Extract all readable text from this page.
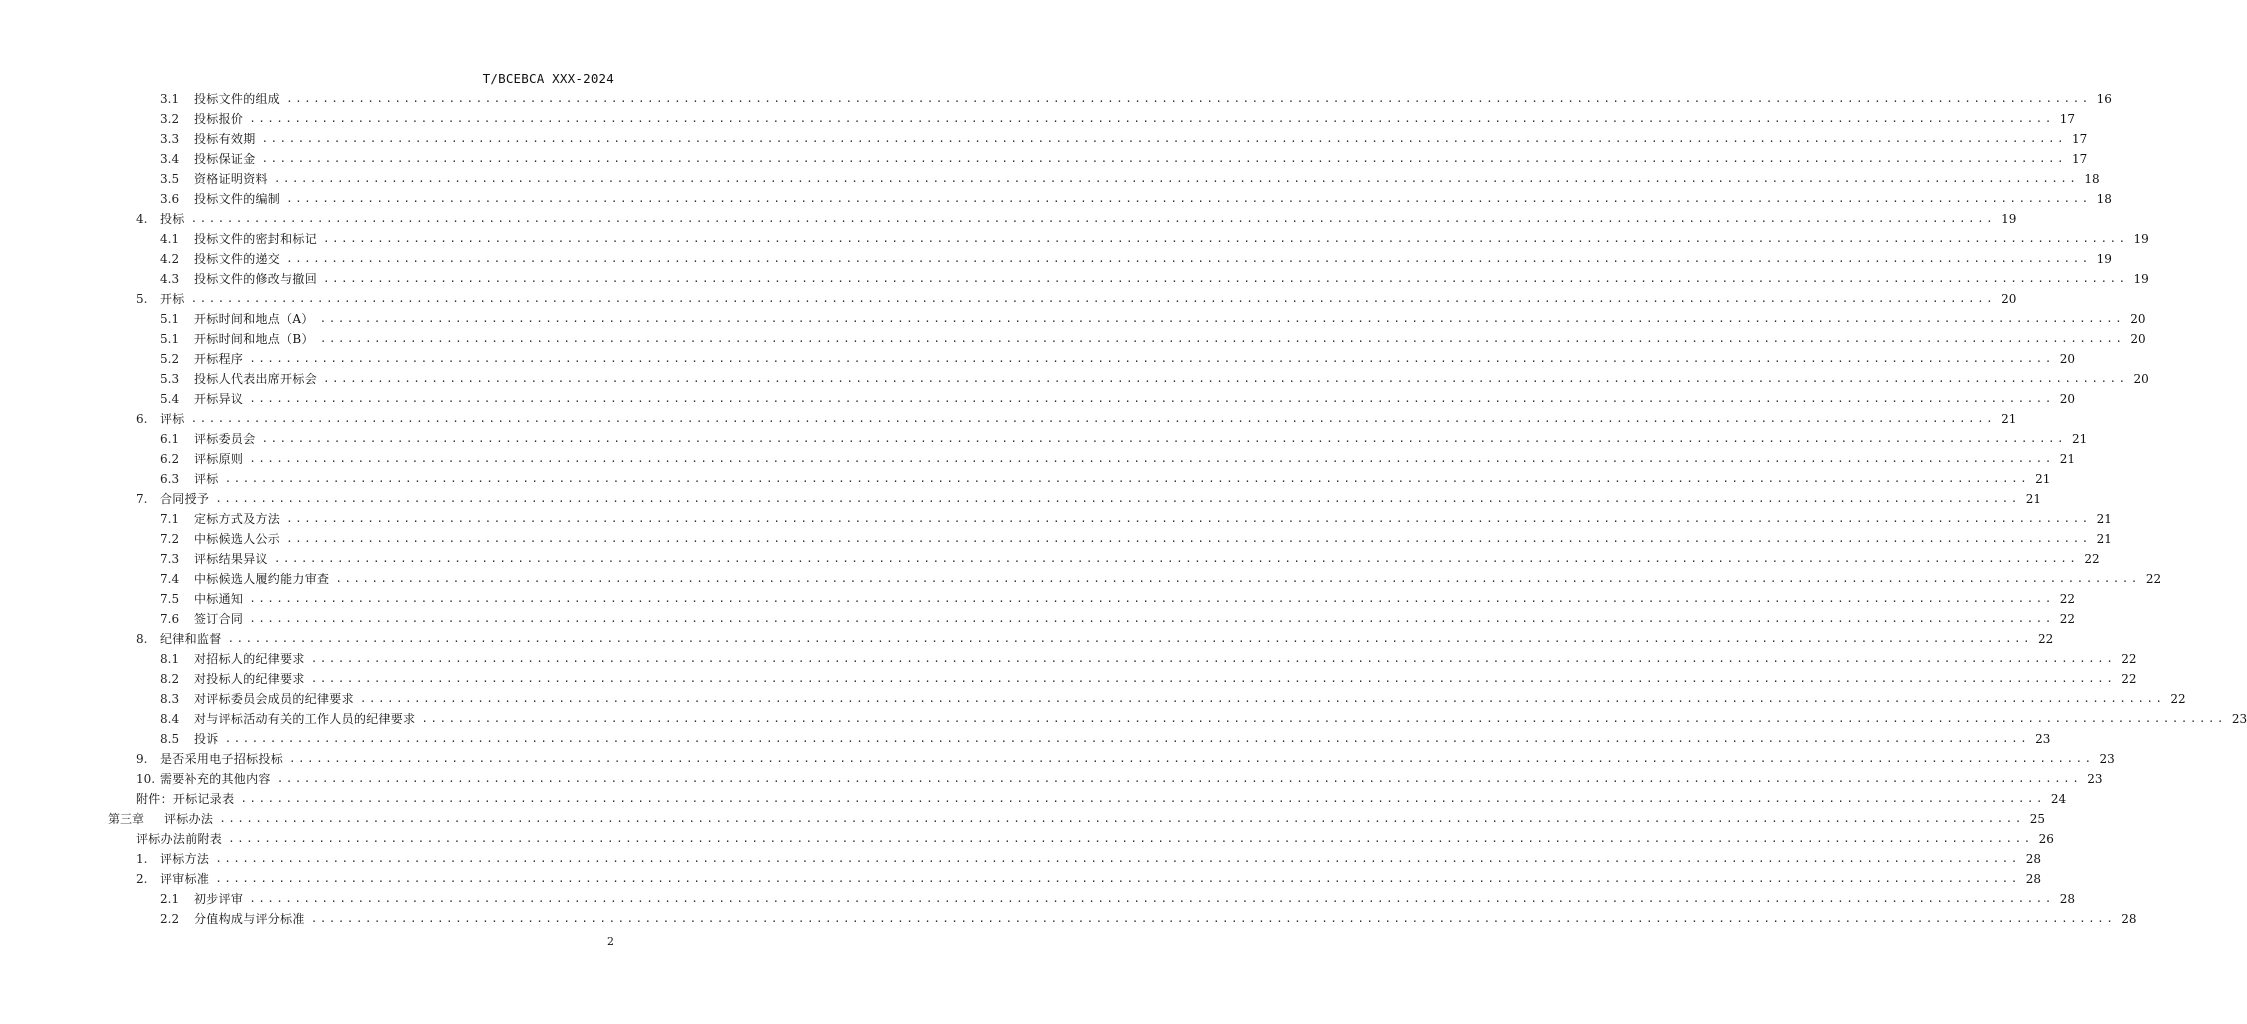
T/BCEBCA XXX-2024
3.1	投标文件的组成 ........................................................................................................................................................................................................ 16
3.2	投标报价 ........................................................................................................................................................................................................ 17
3.3	投标有效期 ........................................................................................................................................................................................................ 17
3.4	投标保证金 ........................................................................................................................................................................................................ 17
3.5	资格证明资料 ........................................................................................................................................................................................................ 18
3.6	投标文件的编制 ........................................................................................................................................................................................................ 18
4. 投标 ........................................................................................................................................................................................................ 19
4.1	投标文件的密封和标记 ........................................................................................................................................................................................................ 19
4.2	投标文件的递交 ........................................................................................................................................................................................................ 19
4.3	投标文件的修改与撤回 ........................................................................................................................................................................................................ 19
5. 开标 ........................................................................................................................................................................................................ 20
5.1	开标时间和地点（A） ........................................................................................................................................................................................................ 20
5.1	开标时间和地点（B） ........................................................................................................................................................................................................ 20
5.2	开标程序 ........................................................................................................................................................................................................ 20
5.3	投标人代表出席开标会 ........................................................................................................................................................................................................ 20
5.4	开标异议 ........................................................................................................................................................................................................ 20
6. 评标 ........................................................................................................................................................................................................ 21
6.1	评标委员会 ........................................................................................................................................................................................................ 21
6.2	评标原则 ........................................................................................................................................................................................................ 21
6.3	评标 ........................................................................................................................................................................................................ 21
7. 合同授予 ........................................................................................................................................................................................................ 21
7.1	定标方式及方法 ........................................................................................................................................................................................................ 21
7.2	中标候选人公示 ........................................................................................................................................................................................................ 21
7.3	评标结果异议 ........................................................................................................................................................................................................ 22
7.4	中标候选人履约能力审查 ........................................................................................................................................................................................................ 22
7.5	中标通知 ........................................................................................................................................................................................................ 22
7.6	签订合同 ........................................................................................................................................................................................................ 22
8. 纪律和监督 ........................................................................................................................................................................................................ 22
8.1	对招标人的纪律要求 ........................................................................................................................................................................................................ 22
8.2	对投标人的纪律要求 ........................................................................................................................................................................................................ 22
8.3	对评标委员会成员的纪律要求 ........................................................................................................................................................................................................ 22
8.4	对与评标活动有关的工作人员的纪律要求 ........................................................................................................................................................................................................ 23
8.5	投诉 ........................................................................................................................................................................................................ 23
9. 是否采用电子招标投标 ........................................................................................................................................................................................................ 23
10. 需要补充的其他内容 ........................................................................................................................................................................................................ 23
附件：开标记录表 ........................................................................................................................................................................................................ 24
第三章 评标办法 ........................................................................................................................................................................................................ 25
评标办法前附表 ........................................................................................................................................................................................................ 26
1. 评标方法 ........................................................................................................................................................................................................ 28
2. 评审标准 ........................................................................................................................................................................................................ 28
2.1	初步评审 ........................................................................................................................................................................................................ 28
2.2	分值构成与评分标准 ........................................................................................................................................................................................................ 28
2
